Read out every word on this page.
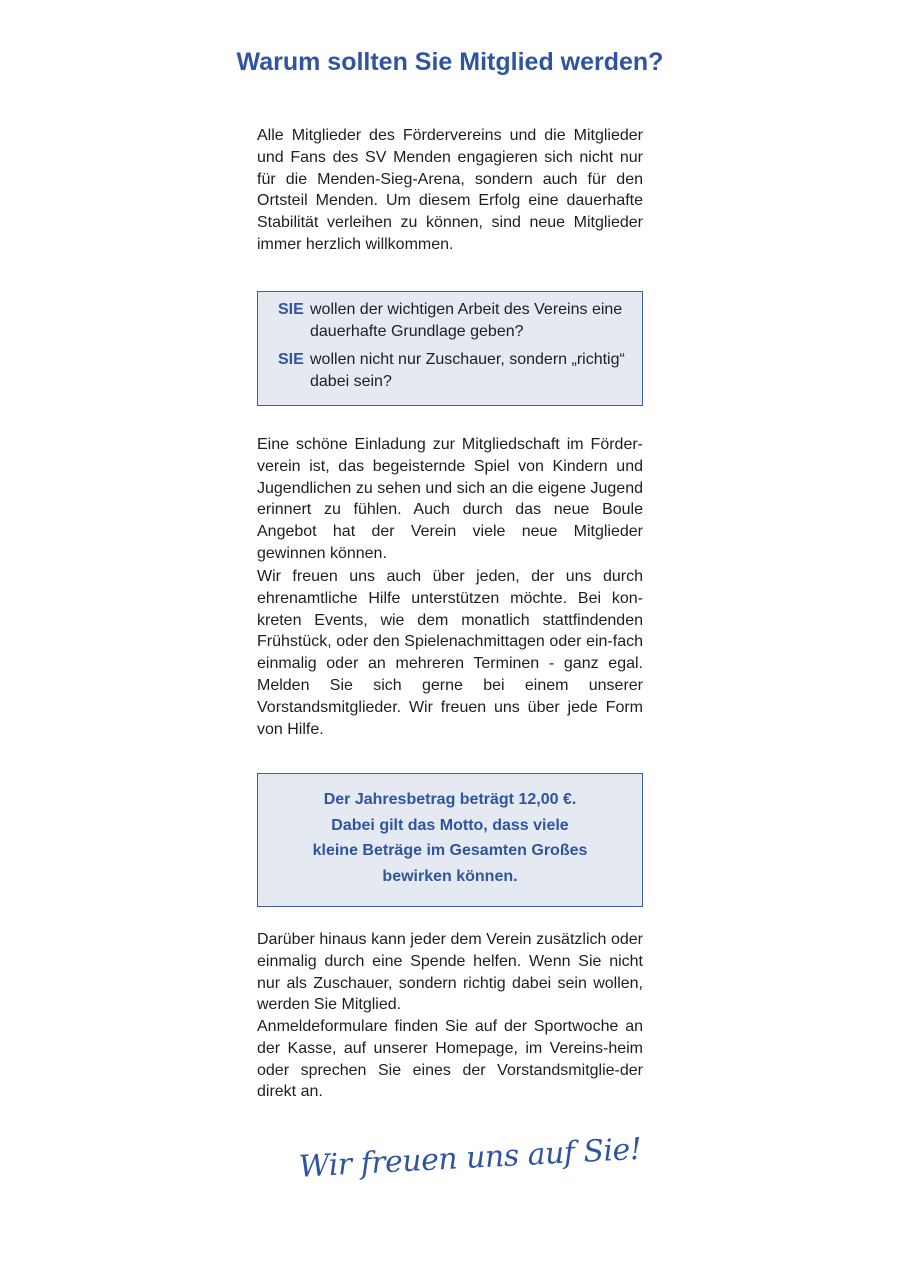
Warum sollten Sie Mitglied werden?

Alle Mitglieder des Fördervereins und die Mitglieder und Fans des SV Menden engagieren sich nicht nur für die Menden-Sieg-Arena, sondern auch für den Ortsteil Menden. Um diesem Erfolg eine dauerhafte Stabilität verleihen zu können, sind neue Mitglieder immer herzlich willkommen.

SIE wollen der wichtigen Arbeit des Vereins eine dauerhafte Grundlage geben?
SIE wollen nicht nur Zuschauer, sondern „richtig“ dabei sein?

Eine schöne Einladung zur Mitgliedschaft im Förder-verein ist, das begeisternde Spiel von Kindern und Jugendlichen zu sehen und sich an die eigene Jugend erinnert zu fühlen. Auch durch das neue Boule Angebot hat der Verein viele neue Mitglieder gewinnen können.

Wir freuen uns auch über jeden, der uns durch ehrenamtliche Hilfe unterstützen möchte. Bei kon-kreten Events, wie dem monatlich stattfindenden Frühstück, oder den Spielenachmittagen oder ein-fach einmalig oder an mehreren Terminen - ganz egal. Melden Sie sich gerne bei einem unserer Vorstandsmitglieder. Wir freuen uns über jede Form von Hilfe.

Der Jahresbetrag beträgt 12,00 €.
Dabei gilt das Motto, dass viele
kleine Beträge im Gesamten Großes
bewirken können.

Darüber hinaus kann jeder dem Verein zusätzlich oder einmalig durch eine Spende helfen. Wenn Sie nicht nur als Zuschauer, sondern richtig dabei sein wollen, werden Sie Mitglied.

Anmeldeformulare finden Sie auf der Sportwoche an der Kasse, auf unserer Homepage, im Vereins-heim oder sprechen Sie eines der Vorstandsmitglie-der direkt an.

Wir freuen uns auf Sie!
